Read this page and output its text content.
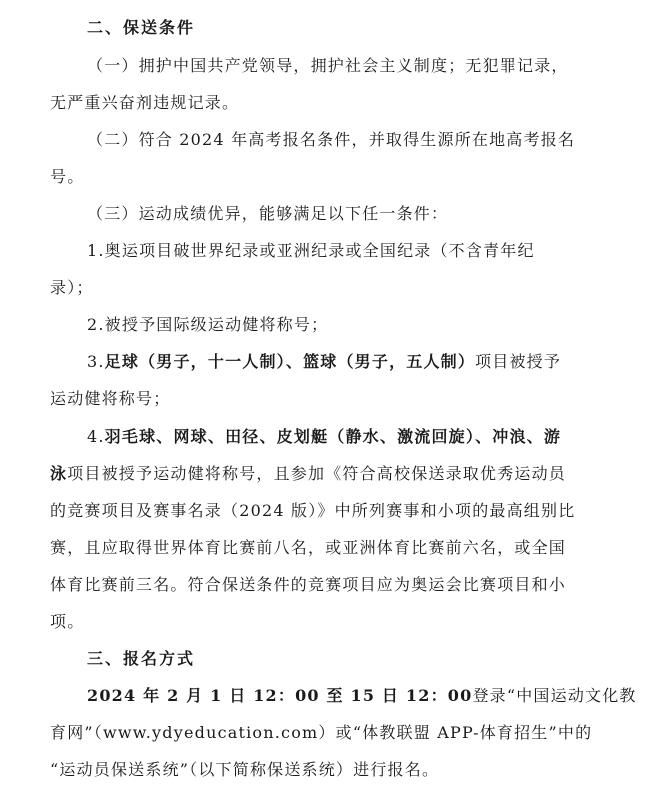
二、保送条件

（一）拥护中国共产党领导，拥护社会主义制度；无犯罪记录，

无严重兴奋剂违规记录。

（二）符合 2024 年高考报名条件，并取得生源所在地高考报名

号。

（三）运动成绩优异，能够满足以下任一条件：

1.奥运项目破世界纪录或亚洲纪录或全国纪录（不含青年纪

录）；

2.被授予国际级运动健将称号；

3.足球（男子，十一人制）、篮球（男子，五人制）项目被授予

运动健将称号；

4.羽毛球、网球、田径、皮划艇（静水、激流回旋）、冲浪、游

泳项目被授予运动健将称号，且参加《符合高校保送录取优秀运动员

的竞赛项目及赛事名录（2024 版）》中所列赛事和小项的最高组别比

赛，且应取得世界体育比赛前八名，或亚洲体育比赛前六名，或全国

体育比赛前三名。符合保送条件的竞赛项目应为奥运会比赛项目和小

项。

三、报名方式

2024 年 2 月 1 日 12：00 至 15 日 12：00登录“中国运动文化教

育网”（www.ydyeducation.com）或“体教联盟 APP-体育招生”中的

“运动员保送系统”（以下简称保送系统）进行报名。
